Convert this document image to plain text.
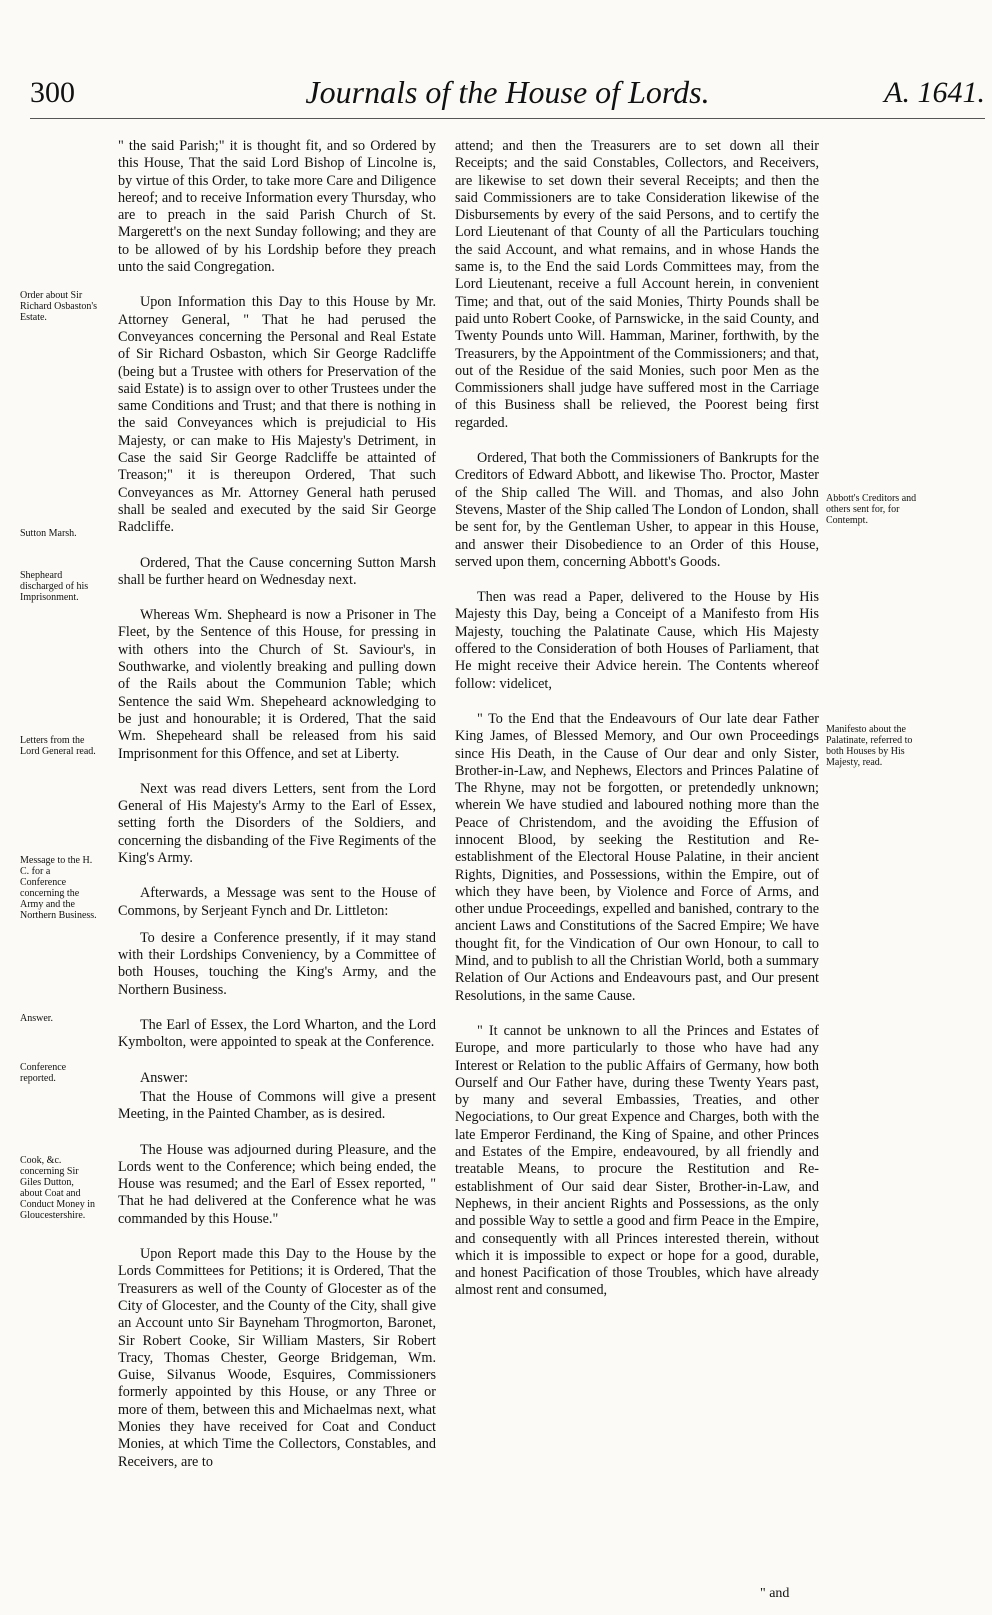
300	Journals of the House of Lords.	A. 1641.
Order about Sir Richard Osbaston's Estate.
Sutton Marsh.
Shepheard discharged of his Imprisonment.
Letters from the Lord General read.
Message to the H. C. for a Conference concerning the Army and the Northern Business.
Answer.
Conference reported.
Cook, &c. concerning Sir Giles Dutton, about Coat and Conduct Money in Gloucestershire.
Abbott's Creditors and others sent for, for Contempt.
Manifesto about the Palatinate, referred to both Houses by His Majesty, read.

" the said Parish;" it is thought fit, and so Ordered by this House, That the said Lord Bishop of Lincolne is, by virtue of this Order, to take more Care and Diligence hereof; and to receive Information every Thursday, who are to preach in the said Parish Church of St. Margerett's on the next Sunday following; and they are to be allowed of by his Lordship before they preach unto the said Congregation.

Upon Information this Day to this House by Mr. Attorney General, " That he had perused the Conveyances concerning the Personal and Real Estate of Sir Richard Osbaston, which Sir George Radcliffe (being but a Trustee with others for Preservation of the said Estate) is to assign over to other Trustees under the same Conditions and Trust; and that there is nothing in the said Conveyances which is prejudicial to His Majesty, or can make to His Majesty's Detriment, in Case the said Sir George Radcliffe be attainted of Treason;" it is thereupon Ordered, That such Conveyances as Mr. Attorney General hath perused shall be sealed and executed by the said Sir George Radcliffe.

Ordered, That the Cause concerning Sutton Marsh shall be further heard on Wednesday next.

Whereas Wm. Shepheard is now a Prisoner in The Fleet, by the Sentence of this House, for pressing in with others into the Church of St. Saviour's, in Southwarke, and violently breaking and pulling down of the Rails about the Communion Table; which Sentence the said Wm. Shepeheard acknowledging to be just and honourable; it is Ordered, That the said Wm. Shepeheard shall be released from his said Imprisonment for this Offence, and set at Liberty.

Next was read divers Letters, sent from the Lord General of His Majesty's Army to the Earl of Essex, setting forth the Disorders of the Soldiers, and concerning the disbanding of the Five Regiments of the King's Army.

Afterwards, a Message was sent to the House of Commons, by Serjeant Fynch and Dr. Littleton:

To desire a Conference presently, if it may stand with their Lordships Conveniency, by a Committee of both Houses, touching the King's Army, and the Northern Business.

The Earl of Essex, the Lord Wharton, and the Lord Kymbolton, were appointed to speak at the Conference.

Answer:

That the House of Commons will give a present Meeting, in the Painted Chamber, as is desired.

The House was adjourned during Pleasure, and the Lords went to the Conference; which being ended, the House was resumed; and the Earl of Essex reported, " That he had delivered at the Conference what he was commanded by this House."

Upon Report made this Day to the House by the Lords Committees for Petitions; it is Ordered, That the Treasurers as well of the County of Glocester as of the City of Glocester, and the County of the City, shall give an Account unto Sir Bayneham Throgmorton, Baronet, Sir Robert Cooke, Sir William Masters, Sir Robert Tracy, Thomas Chester, George Bridgeman, Wm. Guise, Silvanus Woode, Esquires, Commissioners formerly appointed by this House, or any Three or more of them, between this and Michaelmas next, what Monies they have received for Coat and Conduct Monies, at which Time the Collectors, Constables, and Receivers, are to

attend; and then the Treasurers are to set down all their Receipts; and the said Constables, Collectors, and Receivers, are likewise to set down their several Receipts; and then the said Commissioners are to take Consideration likewise of the Disbursements by every of the said Persons, and to certify the Lord Lieutenant of that County of all the Particulars touching the said Account, and what remains, and in whose Hands the same is, to the End the said Lords Committees may, from the Lord Lieutenant, receive a full Account herein, in convenient Time; and that, out of the said Monies, Thirty Pounds shall be paid unto Robert Cooke, of Parnswicke, in the said County, and Twenty Pounds unto Will. Hamman, Mariner, forthwith, by the Treasurers, by the Appointment of the Commissioners; and that, out of the Residue of the said Monies, such poor Men as the Commissioners shall judge have suffered most in the Carriage of this Business shall be relieved, the Poorest being first regarded.

Ordered, That both the Commissioners of Bankrupts for the Creditors of Edward Abbott, and likewise Tho. Proctor, Master of the Ship called The Will. and Thomas, and also John Stevens, Master of the Ship called The London of London, shall be sent for, by the Gentleman Usher, to appear in this House, and answer their Disobedience to an Order of this House, served upon them, concerning Abbott's Goods.

Then was read a Paper, delivered to the House by His Majesty this Day, being a Conceipt of a Manifesto from His Majesty, touching the Palatinate Cause, which His Majesty offered to the Consideration of both Houses of Parliament, that He might receive their Advice herein. The Contents whereof follow: videlicet,

" To the End that the Endeavours of Our late dear Father King James, of Blessed Memory, and Our own Proceedings since His Death, in the Cause of Our dear and only Sister, Brother-in-Law, and Nephews, Electors and Princes Palatine of The Rhyne, may not be forgotten, or pretendedly unknown; wherein We have studied and laboured nothing more than the Peace of Christendom, and the avoiding the Effusion of innocent Blood, by seeking the Restitution and Re-establishment of the Electoral House Palatine, in their ancient Rights, Dignities, and Possessions, within the Empire, out of which they have been, by Violence and Force of Arms, and other undue Proceedings, expelled and banished, contrary to the ancient Laws and Constitutions of the Sacred Empire; We have thought fit, for the Vindication of Our own Honour, to call to Mind, and to publish to all the Christian World, both a summary Relation of Our Actions and Endeavours past, and Our present Resolutions, in the same Cause.

" It cannot be unknown to all the Princes and Estates of Europe, and more particularly to those who have had any Interest or Relation to the public Affairs of Germany, how both Ourself and Our Father have, during these Twenty Years past, by many and several Embassies, Treaties, and other Negociations, to Our great Expence and Charges, both with the late Emperor Ferdinand, the King of Spaine, and other Princes and Estates of the Empire, endeavoured, by all friendly and treatable Means, to procure the Restitution and Re-establishment of Our said dear Sister, Brother-in-Law, and Nephews, in their ancient Rights and Possessions, as the only and possible Way to settle a good and firm Peace in the Empire, and consequently with all Princes interested therein, without which it is impossible to expect or hope for a good, durable, and honest Pacification of those Troubles, which have already almost rent and consumed,

" and
